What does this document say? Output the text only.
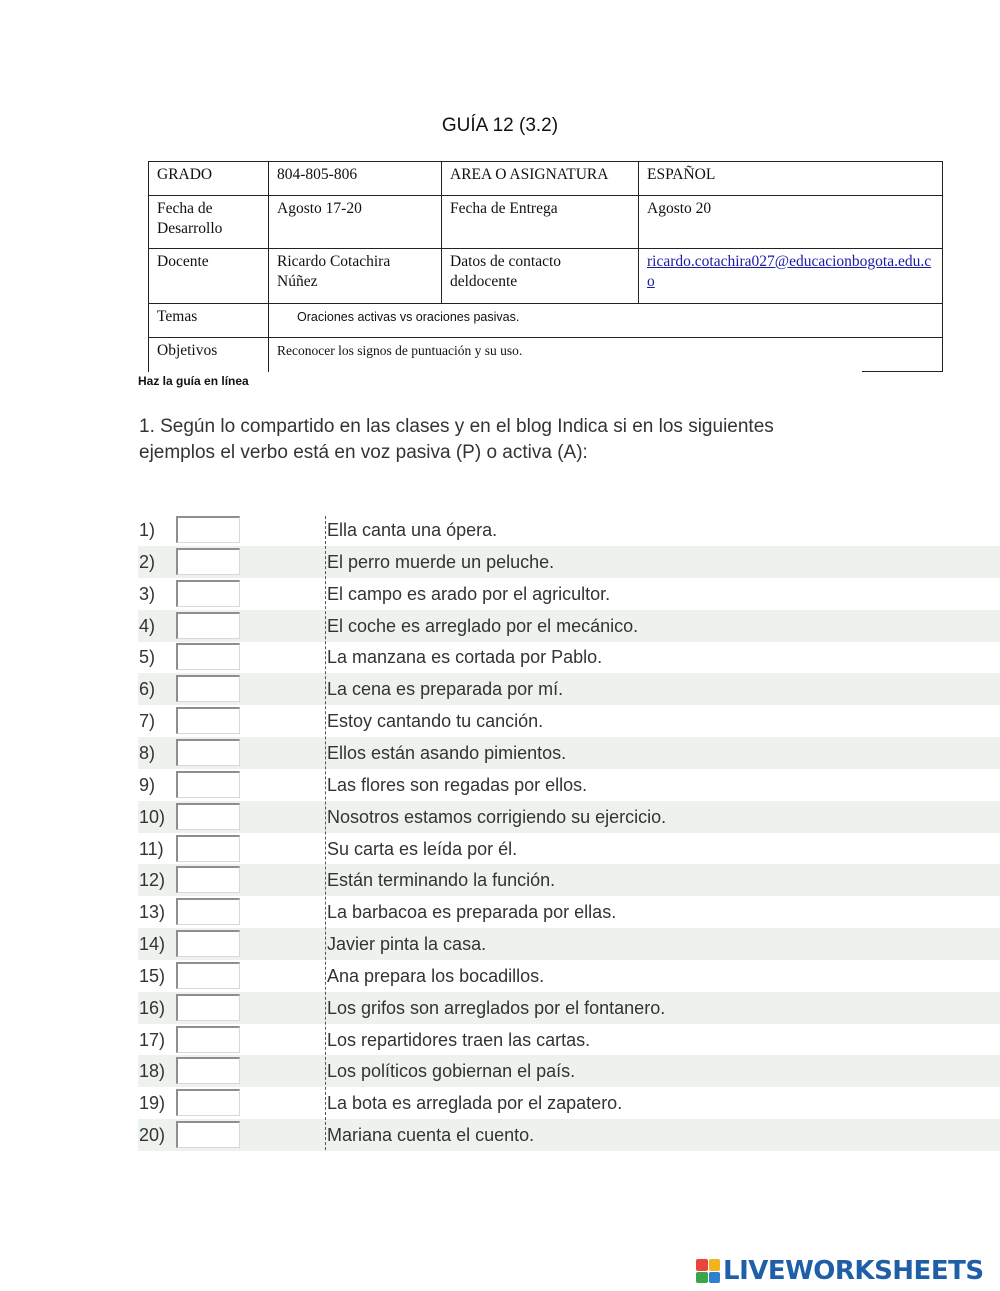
GUÍA 12 (3.2)
GRADO	804-805-806	AREA O ASIGNATURA	ESPAÑOL
Fecha de Desarrollo	Agosto 17-20	Fecha de Entrega	Agosto 20
Docente	Ricardo Cotachira Núñez	Datos de contacto deldocente	ricardo.cotachira027@educacionbogota.edu.co
Temas	Oraciones activas vs oraciones pasivas.		
Objetivos	Reconocer los signos de puntuación y su uso.		
Haz la guía en línea
1. Según lo compartido en las clases y en el blog Indica si en los siguientes ejemplos el verbo está en voz pasiva (P) o activa (A):
1)	Ella canta una ópera.
2)	El perro muerde un peluche.
3)	El campo es arado por el agricultor.
4)	El coche es arreglado por el mecánico.
5)	La manzana es cortada por Pablo.
6)	La cena es preparada por mí.
7)	Estoy cantando tu canción.
8)	Ellos están asando pimientos.
9)	Las flores son regadas por ellos.
10)	Nosotros estamos corrigiendo su ejercicio.
11)	Su carta es leída por él.
12)	Están terminando la función.
13)	La barbacoa es preparada por ellas.
14)	Javier pinta la casa.
15)	Ana prepara los bocadillos.
16)	Los grifos son arreglados por el fontanero.
17)	Los repartidores traen las cartas.
18)	Los políticos gobiernan el país.
19)	La bota es arreglada por el zapatero.
20)	Mariana cuenta el cuento.
LIVEWORKSHEETS
